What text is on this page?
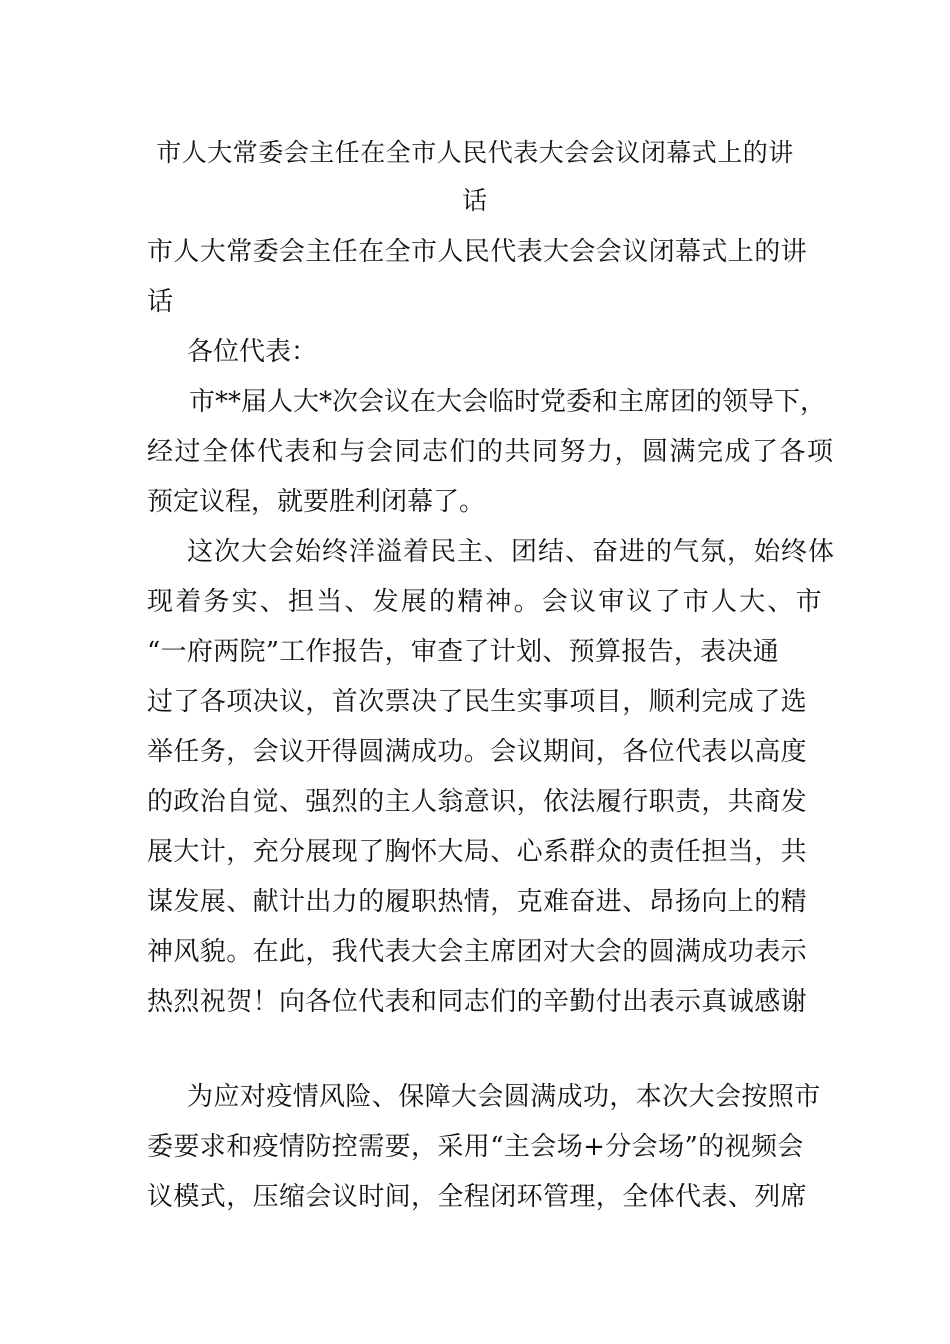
市人大常委会主任在全市人民代表大会会议闭幕式上的讲
话
市人大常委会主任在全市人民代表大会会议闭幕式上的讲
话
各位代表：
市**届人大*次会议在大会临时党委和主席团的领导下，
经过全体代表和与会同志们的共同努力，圆满完成了各项
预定议程，就要胜利闭幕了。
这次大会始终洋溢着民主、团结、奋进的气氛，始终体
现着务实、担当、发展的精神。会议审议了市人大、市
“一府两院”工作报告，审查了计划、预算报告，表决通
过了各项决议，首次票决了民生实事项目，顺利完成了选
举任务，会议开得圆满成功。会议期间，各位代表以高度
的政治自觉、强烈的主人翁意识，依法履行职责，共商发
展大计，充分展现了胸怀大局、心系群众的责任担当，共
谋发展、献计出力的履职热情，克难奋进、昂扬向上的精
神风貌。在此，我代表大会主席团对大会的圆满成功表示
热烈祝贺！向各位代表和同志们的辛勤付出表示真诚感谢
为应对疫情风险、保障大会圆满成功，本次大会按照市
委要求和疫情防控需要，采用“主会场+分会场”的视频会
议模式，压缩会议时间，全程闭环管理，全体代表、列席
